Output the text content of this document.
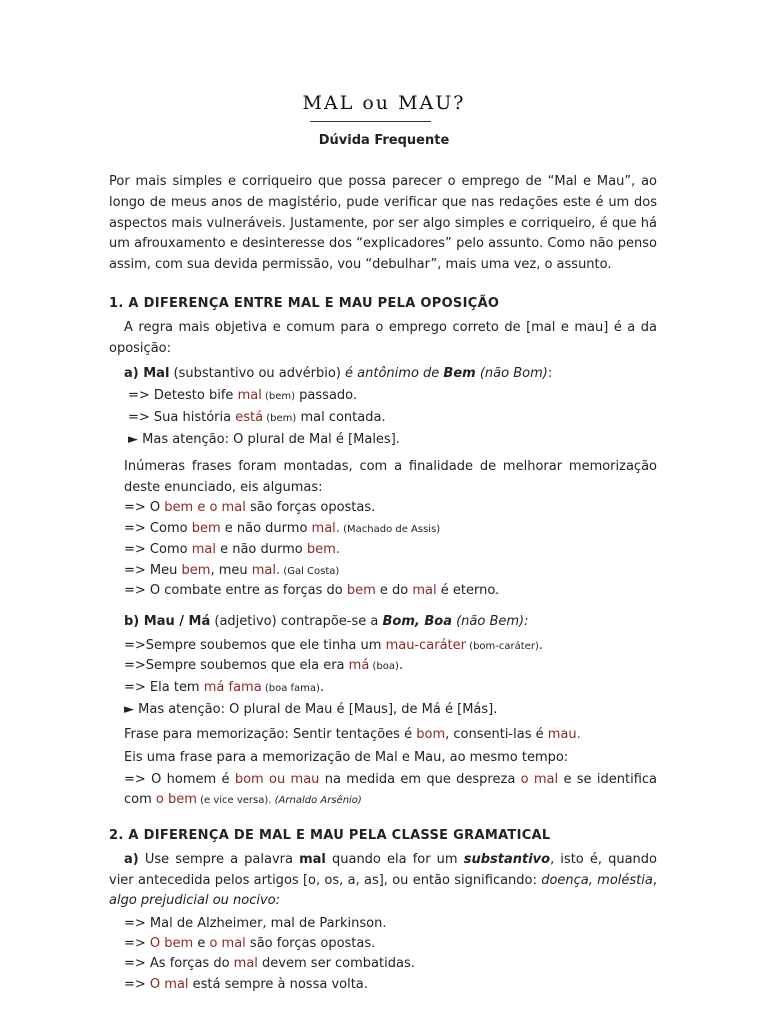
MAL ou MAU?
Dúvida Frequente
Por mais simples e corriqueiro que possa parecer o emprego de “Mal e Mau”, ao
longo de meus anos de magistério, pude verificar que nas redações este é um dos
aspectos mais vulneráveis. Justamente, por ser algo simples e corriqueiro, é que há
um afrouxamento e desinteresse dos “explicadores” pelo assunto. Como não penso
assim, com sua devida permissão, vou “debulhar”, mais uma vez, o assunto.
1. A DIFERENÇA ENTRE MAL E MAU PELA OPOSIÇÃO
A regra mais objetiva e comum para o emprego correto de [mal e mau] é a da
oposição:
a) Mal (substantivo ou advérbio) é antônimo de Bem (não Bom):
=> Detesto bife mal (bem) passado.
=> Sua história está (bem) mal contada.
► Mas atenção: O plural de Mal é [Males].
Inúmeras frases foram montadas, com a finalidade de melhorar memorização
deste enunciado, eis algumas:
=> O bem e o mal são forças opostas.
=> Como bem e não durmo mal. (Machado de Assis)
=> Como mal e não durmo bem.
=> Meu bem, meu mal. (Gal Costa)
=> O combate entre as forças do bem e do mal é eterno.
b) Mau / Má (adjetivo) contrapõe-se a Bom, Boa (não Bem):
=>Sempre soubemos que ele tinha um mau-caráter (bom-caráter).
=>Sempre soubemos que ela era má (boa).
=> Ela tem má fama (boa fama).
► Mas atenção: O plural de Mau é [Maus], de Má é [Más].
Frase para memorização: Sentir tentações é bom, consenti-las é mau.
Eis uma frase para a memorização de Mal e Mau, ao mesmo tempo:
=> O homem é bom ou mau na medida em que despreza o mal e se identifica
com o bem (e vice versa). (Arnaldo Arsênio)
2. A DIFERENÇA DE MAL E MAU PELA CLASSE GRAMATICAL
a) Use sempre a palavra mal quando ela for um substantivo, isto é, quando
vier antecedida pelos artigos [o, os, a, as], ou então significando: doença, moléstia,
algo prejudicial ou nocivo:
=> Mal de Alzheimer, mal de Parkinson.
=> O bem e o mal são forças opostas.
=> As forças do mal devem ser combatidas.
=> O mal está sempre à nossa volta.
